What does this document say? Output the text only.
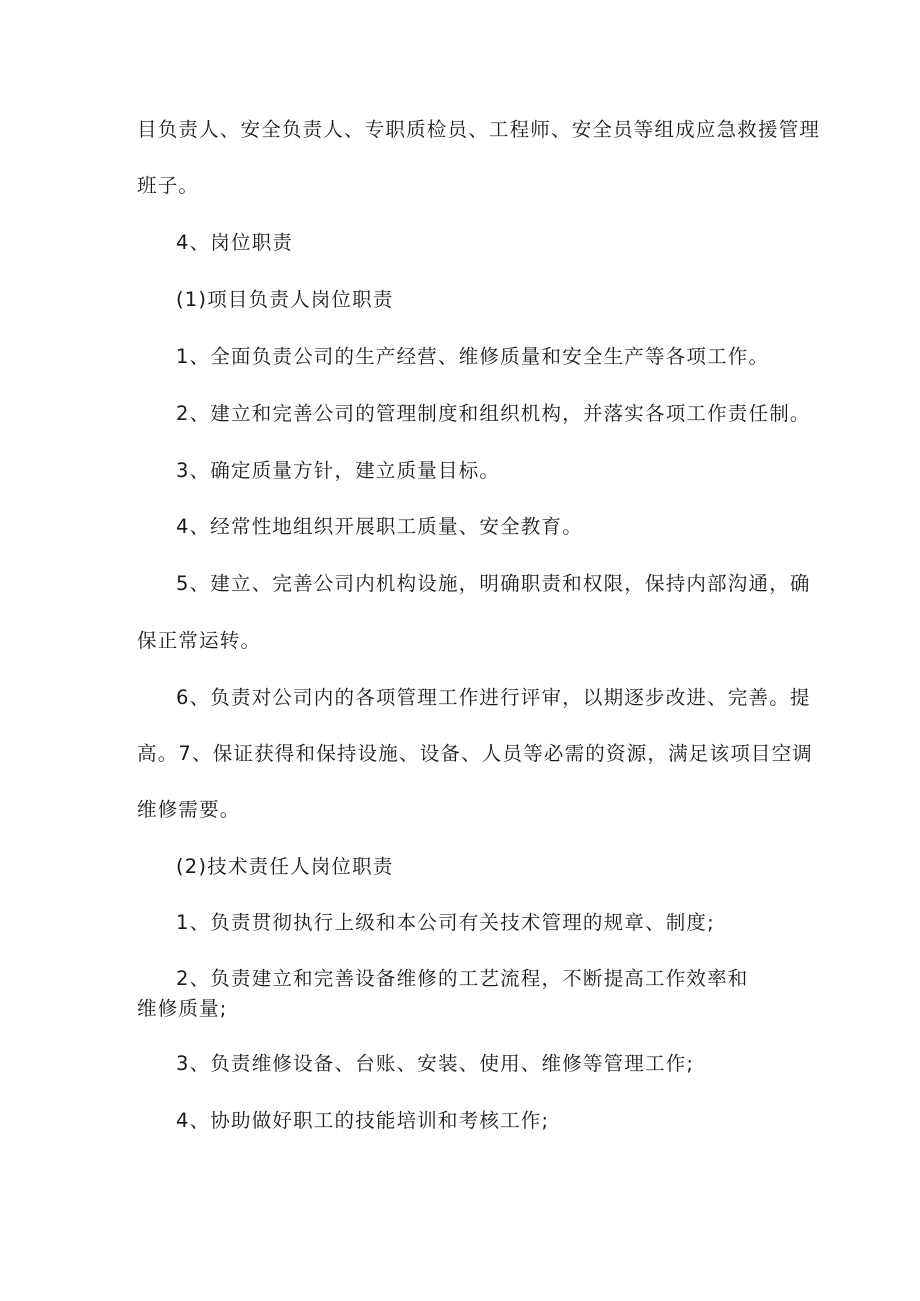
目负责人、安全负责人、专职质检员、工程师、安全员等组成应急救援管理
班子。
4、岗位职责
(1)项目负责人岗位职责
1、全面负责公司的生产经营、维修质量和安全生产等各项工作。
2、建立和完善公司的管理制度和组织机构，并落实各项工作责任制。
3、确定质量方针，建立质量目标。
4、经常性地组织开展职工质量、安全教育。
5、建立、完善公司内机构设施，明确职责和权限，保持内部沟通，确
保正常运转。
6、负责对公司内的各项管理工作进行评审，以期逐步改进、完善。提
高。7、保证获得和保持设施、设备、人员等必需的资源，满足该项目空调
维修需要。
(2)技术责任人岗位职责
1、负责贯彻执行上级和本公司有关技术管理的规章、制度;
2、负责建立和完善设备维修的工艺流程，不断提高工作效率和
维修质量;
3、负责维修设备、台账、安装、使用、维修等管理工作;
4、协助做好职工的技能培训和考核工作;
